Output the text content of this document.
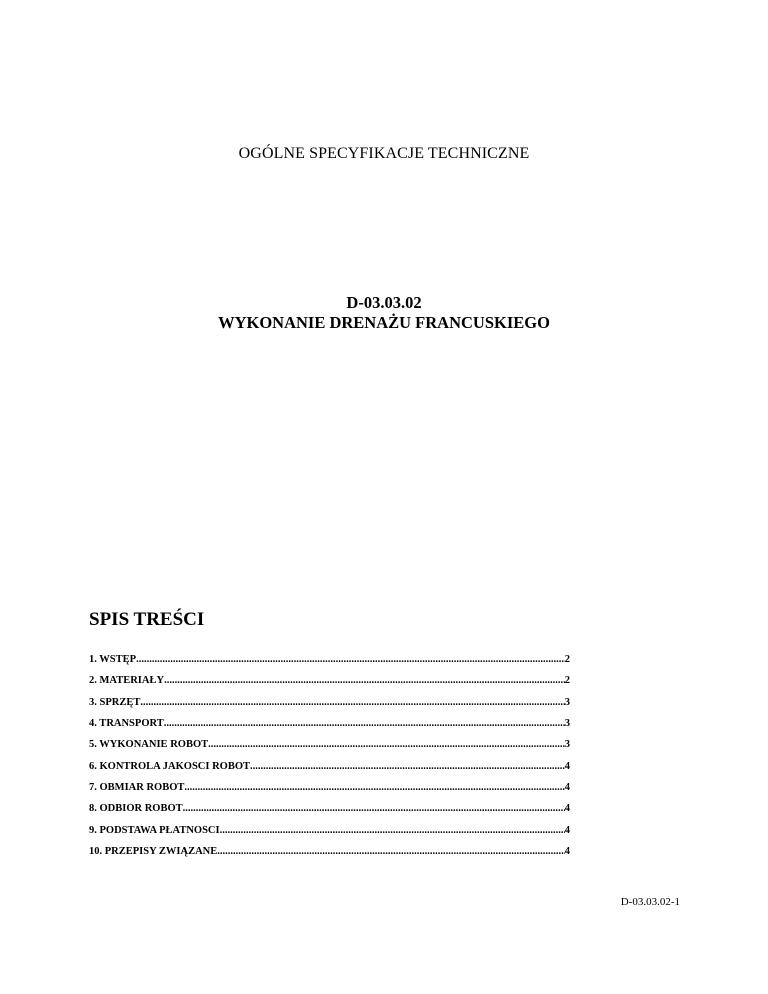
OGÓLNE SPECYFIKACJE TECHNICZNE
D-03.03.02
WYKONANIE DRENAŻU FRANCUSKIEGO
SPIS TREŚCI
1. WSTĘP .....	2
2. MATERIAŁY .....	2
3. SPRZĘT .....	3
4. TRANSPORT .....	3
5. WYKONANIE ROBÓT .....	3
6. KONTROLA JAKOŚCI ROBÓT .....	4
7. OBMIAR ROBÓT .....	4
8. ODBIÓR ROBÓT .....	4
9. PODSTAWA PŁATNOŚCI .....	4
10. PRZEPISY ZWIĄZANE .....	4
D-03.03.02-1
